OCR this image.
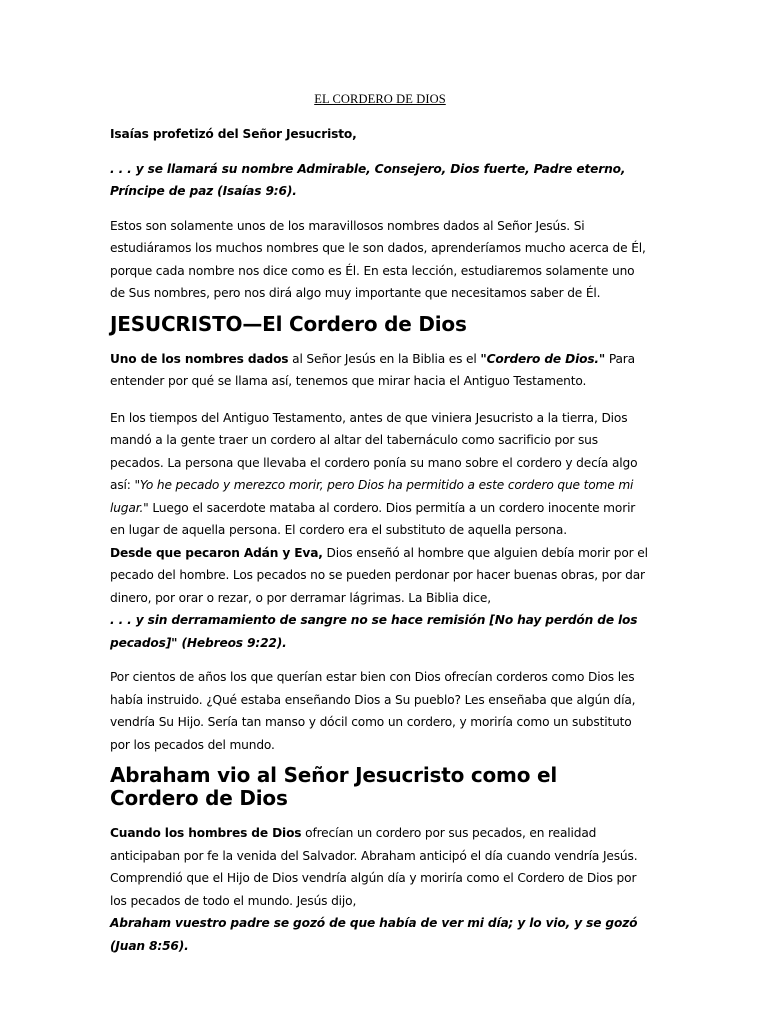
EL CORDERO DE DIOS

Isaías profetizó del Señor Jesucristo,

. . . y se llamará su nombre Admirable, Consejero, Dios fuerte, Padre eterno, Príncipe de paz (Isaías 9:6).

Estos son solamente unos de los maravillosos nombres dados al Señor Jesús. Si estudiáramos los muchos nombres que le son dados, aprenderíamos mucho acerca de Él, porque cada nombre nos dice como es Él. En esta lección, estudiaremos solamente uno de Sus nombres, pero nos dirá algo muy importante que necesitamos saber de Él.

JESUCRISTO—El Cordero de Dios

Uno de los nombres dados al Señor Jesús en la Biblia es el "Cordero de Dios." Para entender por qué se llama así, tenemos que mirar hacia el Antiguo Testamento.

En los tiempos del Antiguo Testamento, antes de que viniera Jesucristo a la tierra, Dios mandó a la gente traer un cordero al altar del tabernáculo como sacrificio por sus pecados. La persona que llevaba el cordero ponía su mano sobre el cordero y decía algo así: "Yo he pecado y merezco morir, pero Dios ha permitido a este cordero que tome mi lugar." Luego el sacerdote mataba al cordero. Dios permitía a un cordero inocente morir en lugar de aquella persona. El cordero era el substituto de aquella persona.

Desde que pecaron Adán y Eva, Dios enseñó al hombre que alguien debía morir por el pecado del hombre. Los pecados no se pueden perdonar por hacer buenas obras, por dar dinero, por orar o rezar, o por derramar lágrimas. La Biblia dice,

. . . y sin derramamiento de sangre no se hace remisión [No hay perdón de los pecados]" (Hebreos 9:22).

Por cientos de años los que querían estar bien con Dios ofrecían corderos como Dios les había instruido. ¿Qué estaba enseñando Dios a Su pueblo? Les enseñaba que algún día, vendría Su Hijo. Sería tan manso y dócil como un cordero, y moriría como un substituto por los pecados del mundo.

Abraham vio al Señor Jesucristo como el Cordero de Dios

Cuando los hombres de Dios ofrecían un cordero por sus pecados, en realidad anticipaban por fe la venida del Salvador. Abraham anticipó el día cuando vendría Jesús. Comprendió que el Hijo de Dios vendría algún día y moriría como el Cordero de Dios por los pecados de todo el mundo. Jesús dijo,

Abraham vuestro padre se gozó de que había de ver mi día; y lo vio, y se gozó (Juan 8:56).
